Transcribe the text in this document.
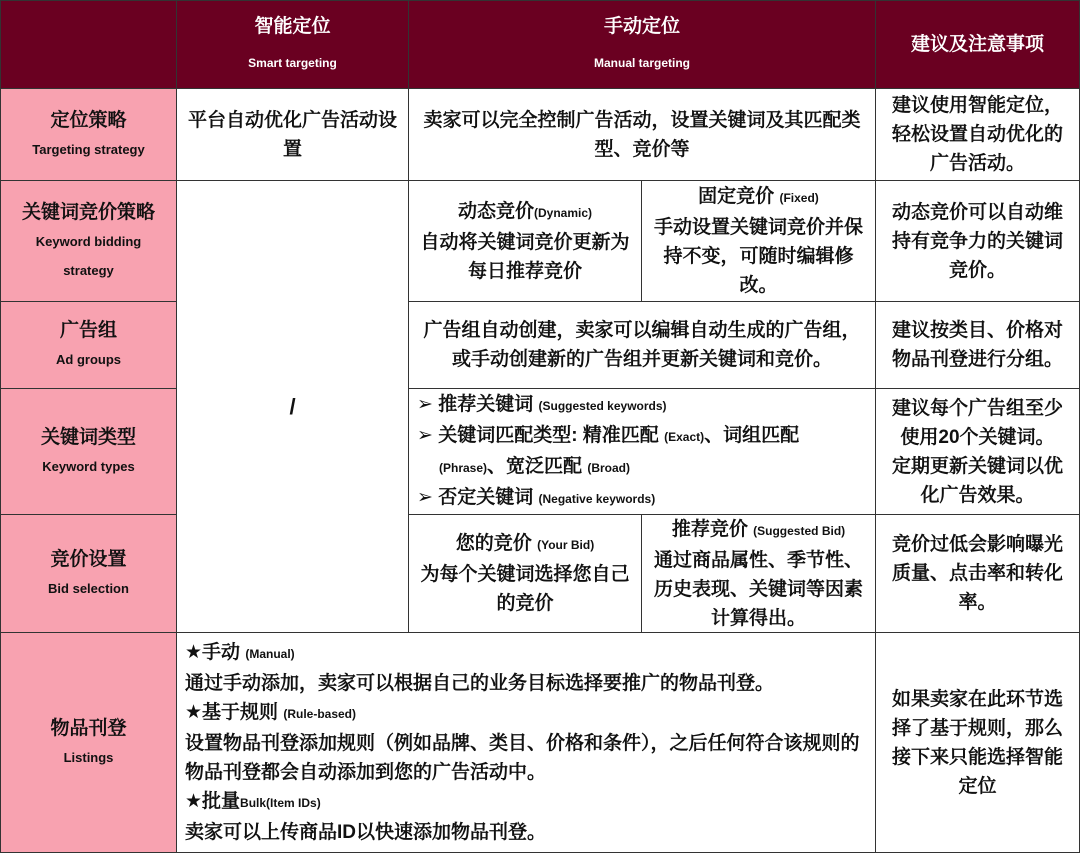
智能定位
Smart targeting
手动定位
Manual targeting
建议及注意事项
定位策略
Targeting strategy
平台自动优化广告活动设置
卖家可以完全控制广告活动，设置关键词及其匹配类型、竞价等
建议使用智能定位，轻松设置自动优化的广告活动。
关键词竞价策略
Keyword bidding strategy
/
动态竞价(Dynamic)
自动将关键词竞价更新为每日推荐竞价
固定竞价 (Fixed)
手动设置关键词竞价并保持不变，可随时编辑修改。
动态竞价可以自动维持有竞争力的关键词竞价。
广告组
Ad groups
广告组自动创建，卖家可以编辑自动生成的广告组，或手动创建新的广告组并更新关键词和竞价。
建议按类目、价格对物品刊登进行分组。
关键词类型
Keyword types
➢ 推荐关键词 (Suggested keywords)
➢ 关键词匹配类型: 精准匹配 (Exact)、词组匹配
(Phrase)、宽泛匹配 (Broad)
➢ 否定关键词 (Negative keywords)
建议每个广告组至少使用20个关键词。
定期更新关键词以优化广告效果。
竞价设置
Bid selection
您的竞价 (Your Bid)
为每个关键词选择您自己的竞价
推荐竞价 (Suggested Bid)
通过商品属性、季节性、历史表现、关键词等因素计算得出。
竞价过低会影响曝光质量、点击率和转化率。
物品刊登
Listings
★手动 (Manual)
通过手动添加，卖家可以根据自己的业务目标选择要推广的物品刊登。
★基于规则 (Rule-based)
设置物品刊登添加规则（例如品牌、类目、价格和条件），之后任何符合该规则的物品刊登都会自动添加到您的广告活动中。
★批量Bulk(Item IDs)
卖家可以上传商品ID以快速添加物品刊登。
如果卖家在此环节选择了基于规则，那么接下来只能选择智能定位
